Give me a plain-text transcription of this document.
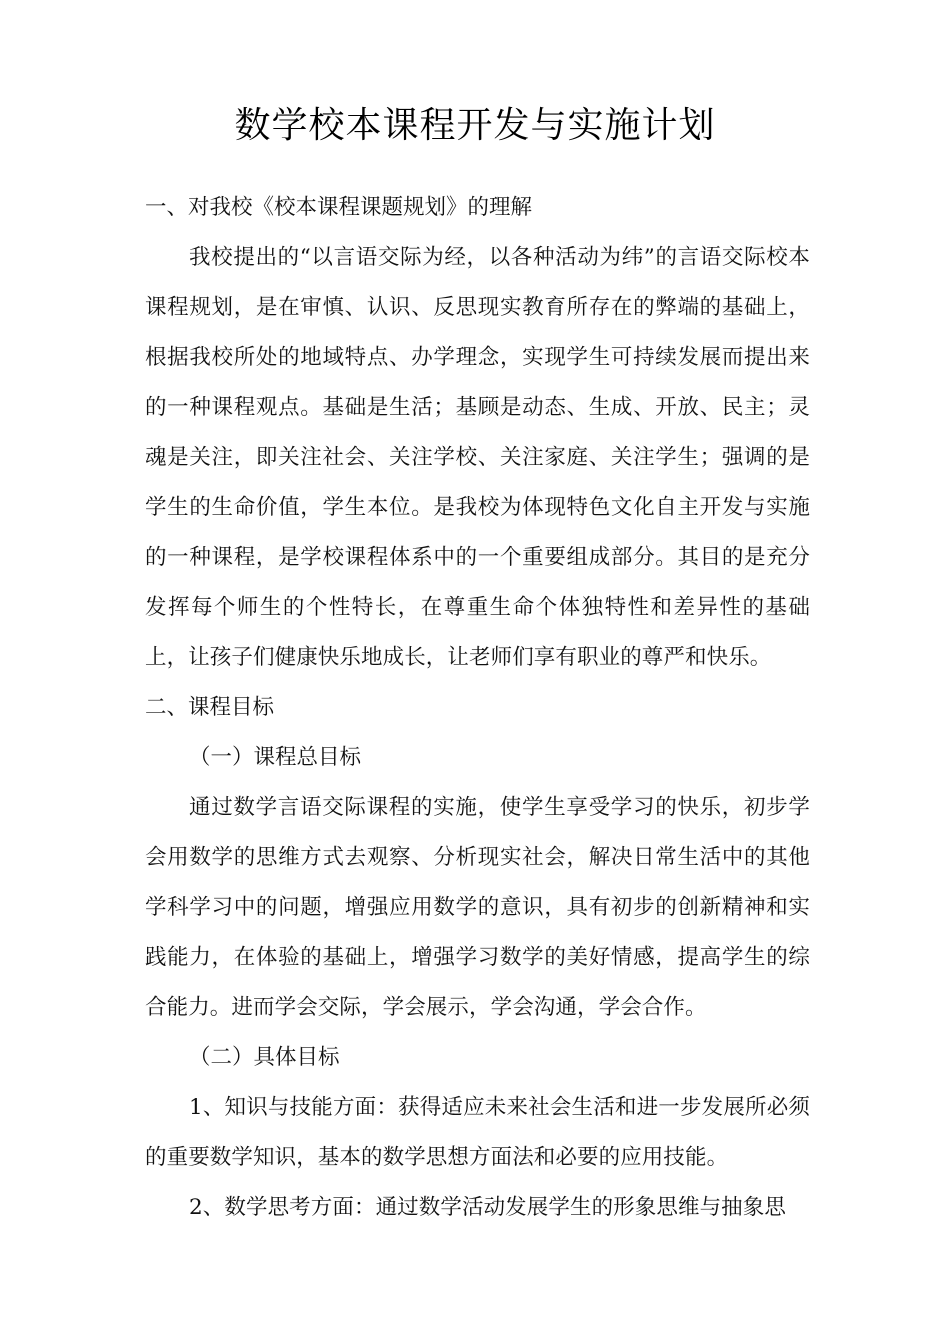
数学校本课程开发与实施计划

一、对我校《校本课程课题规划》的理解

我校提出的“以言语交际为经，以各种活动为纬”的言语交际校本课程规划，是在审慎、认识、反思现实教育所存在的弊端的基础上，根据我校所处的地域特点、办学理念，实现学生可持续发展而提出来的一种课程观点。基础是生活；基顾是动态、生成、开放、民主；灵魂是关注，即关注社会、关注学校、关注家庭、关注学生；强调的是学生的生命价值，学生本位。是我校为体现特色文化自主开发与实施的一种课程，是学校课程体系中的一个重要组成部分。其目的是充分发挥每个师生的个性特长，在尊重生命个体独特性和差异性的基础上，让孩子们健康快乐地成长，让老师们享有职业的尊严和快乐。

二、课程目标

（一）课程总目标

通过数学言语交际课程的实施，使学生享受学习的快乐，初步学会用数学的思维方式去观察、分析现实社会，解决日常生活中的其他学科学习中的问题，增强应用数学的意识，具有初步的创新精神和实践能力，在体验的基础上，增强学习数学的美好情感，提高学生的综合能力。进而学会交际，学会展示，学会沟通，学会合作。

（二）具体目标

1、知识与技能方面：获得适应未来社会生活和进一步发展所必须的重要数学知识，基本的数学思想方面法和必要的应用技能。

2、数学思考方面：通过数学活动发展学生的形象思维与抽象思
